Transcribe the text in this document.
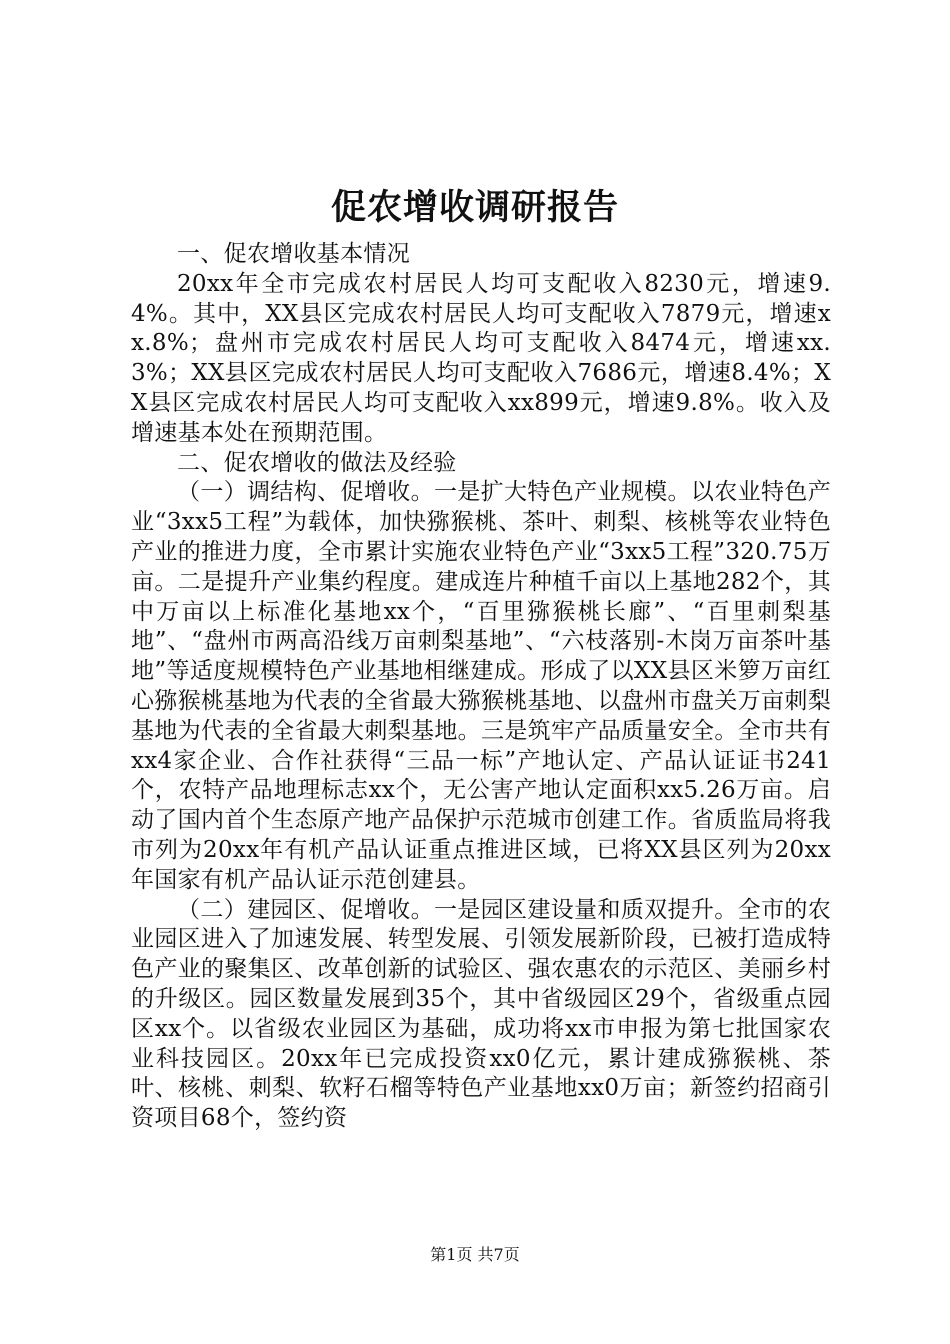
促农增收调研报告

一、促农增收基本情况

20xx年全市完成农村居民人均可支配收入8230元，增速9.4%。其中，XX县区完成农村居民人均可支配收入7879元，增速xx.8%；盘州市完成农村居民人均可支配收入8474元，增速xx.3%；XX县区完成农村居民人均可支配收入7686元，增速8.4%；XX县区完成农村居民人均可支配收入xx899元，增速9.8%。收入及增速基本处在预期范围。

二、促农增收的做法及经验

（一）调结构、促增收。一是扩大特色产业规模。以农业特色产业“3xx5工程”为载体，加快猕猴桃、茶叶、刺梨、核桃等农业特色产业的推进力度，全市累计实施农业特色产业“3xx5工程”320.75万亩。二是提升产业集约程度。建成连片种植千亩以上基地282个，其中万亩以上标准化基地xx个，“百里猕猴桃长廊”、“百里刺梨基地”、“盘州市两高沿线万亩刺梨基地”、“六枝落别-木岗万亩茶叶基地”等适度规模特色产业基地相继建成。形成了以XX县区米箩万亩红心猕猴桃基地为代表的全省最大猕猴桃基地、以盘州市盘关万亩刺梨基地为代表的全省最大刺梨基地。三是筑牢产品质量安全。全市共有xx4家企业、合作社获得“三品一标”产地认定、产品认证证书241个，农特产品地理标志xx个，无公害产地认定面积xx5.26万亩。启动了国内首个生态原产地产品保护示范城市创建工作。省质监局将我市列为20xx年有机产品认证重点推进区域，已将XX县区列为20xx年国家有机产品认证示范创建县。

（二）建园区、促增收。一是园区建设量和质双提升。全市的农业园区进入了加速发展、转型发展、引领发展新阶段，已被打造成特色产业的聚集区、改革创新的试验区、强农惠农的示范区、美丽乡村的升级区。园区数量发展到35个，其中省级园区29个，省级重点园区xx个。以省级农业园区为基础，成功将xx市申报为第七批国家农业科技园区。20xx年已完成投资xx0亿元，累计建成猕猴桃、茶叶、核桃、刺梨、软籽石榴等特色产业基地xx0万亩；新签约招商引资项目68个，签约资

第1页 共7页
